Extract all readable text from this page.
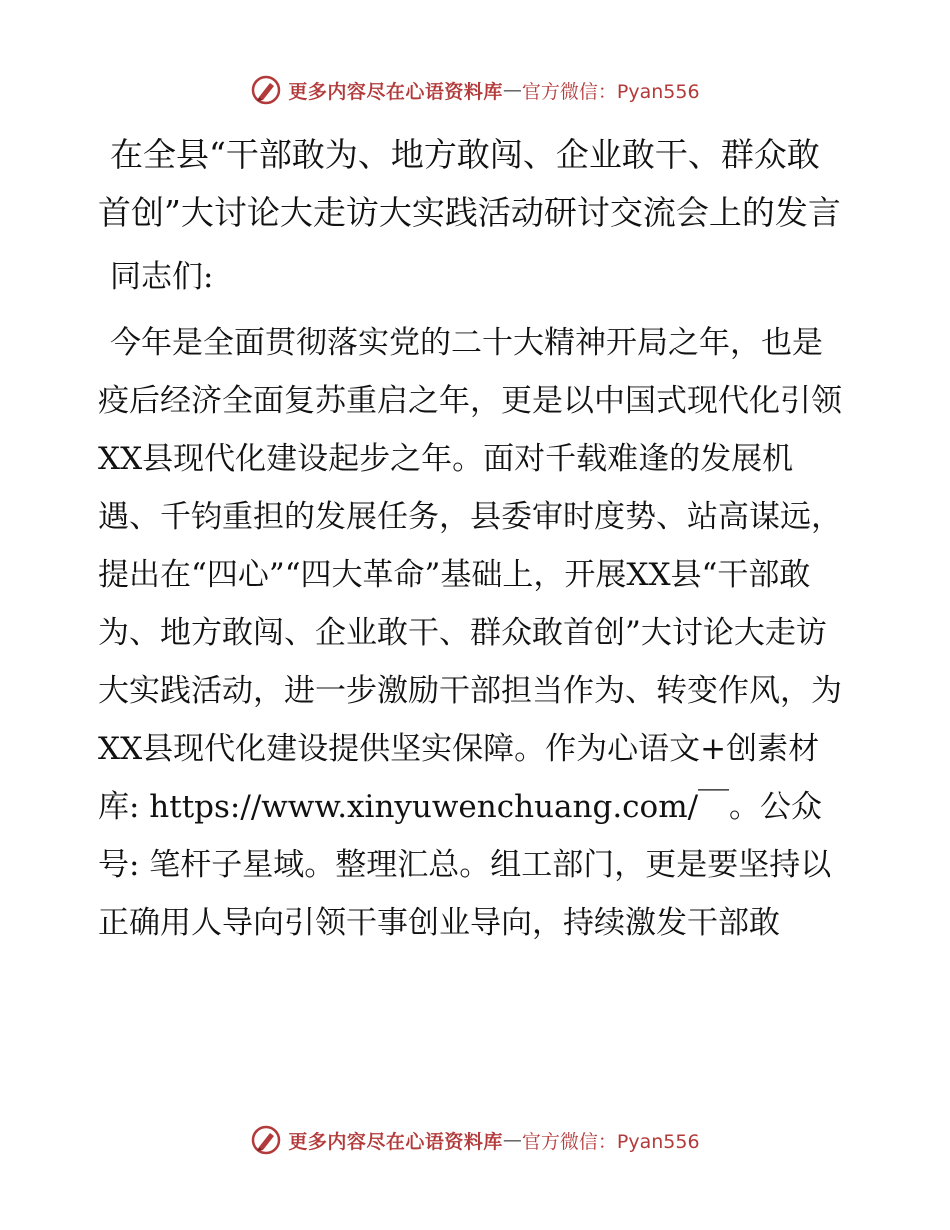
更多内容尽在心语资料库 — 官方微信：Pyan556
在全县“干部敢为、地方敢闯、企业敢干、群众敢首创”大讨论大走访大实践活动研讨交流会上的发言

同志们:

今年是全面贯彻落实党的二十大精神开局之年，也是疫后经济全面复苏重启之年，更是以中国式现代化引领XX县现代化建设起步之年。面对千载难逢的发展机遇、千钧重担的发展任务，县委审时度势、站高谋远，提出在“四心”“四大革命”基础上，开展XX县“干部敢为、地方敢闯、企业敢干、群众敢首创”大讨论大走访大实践活动，进一步激励干部担当作为、转变作风，为XX县现代化建设提供坚实保障。作为心语文+创素材库: https://www.xinyuwenchuang.com/￣。公众号: 笔杆子星域。整理汇总。组工部门，更是要坚持以正确用人导向引领干事创业导向，持续激发干部敢

更多内容尽在心语资料库 — 官方微信：Pyan556
